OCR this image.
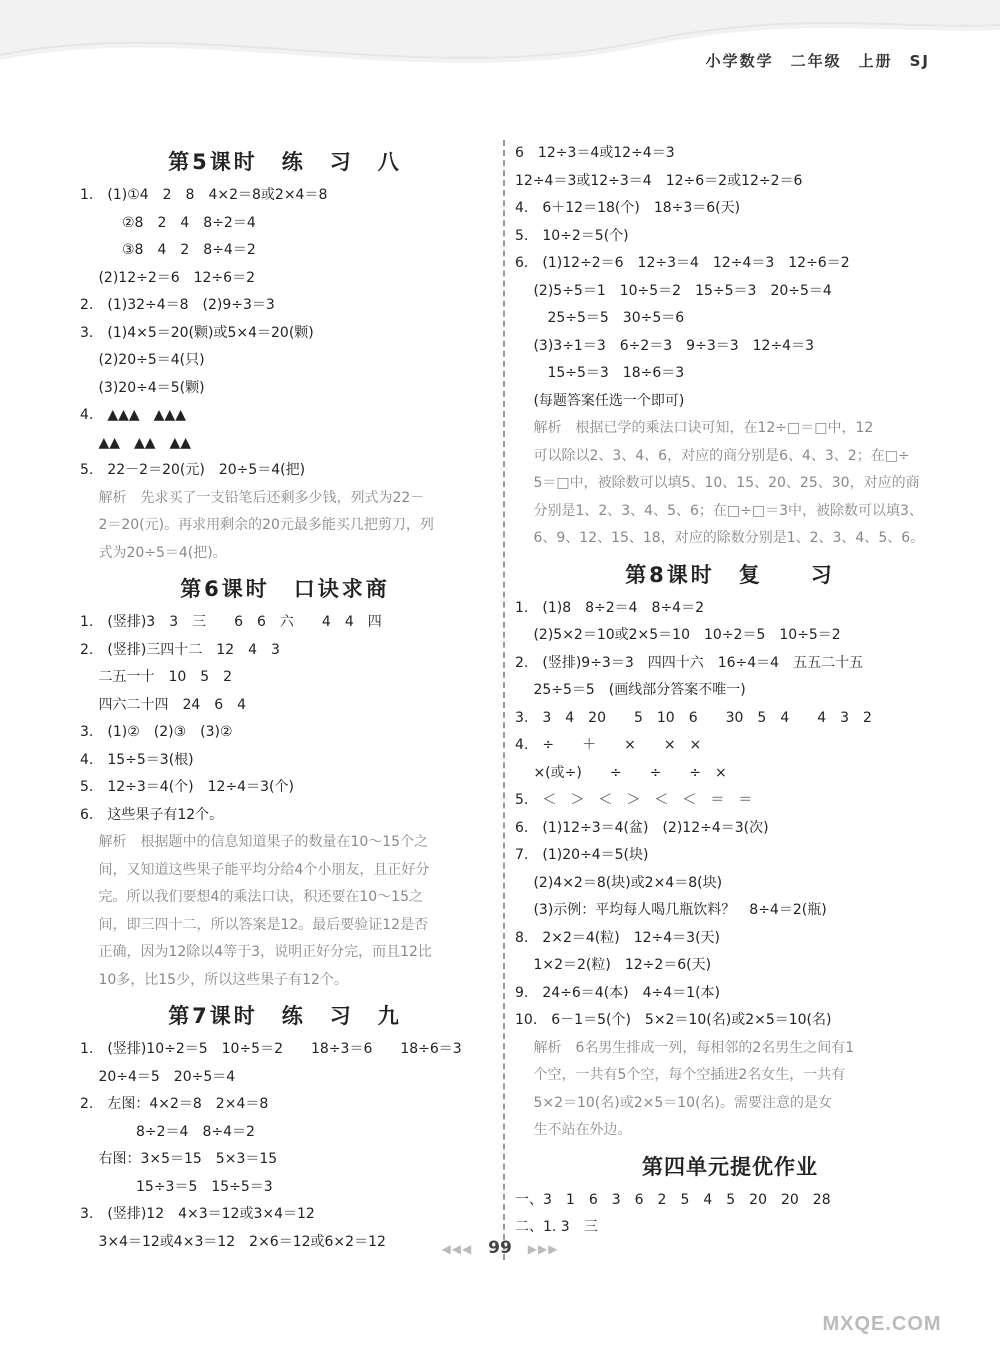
小学数学　二年级　上册　SJ
第5课时　练　习　八
1.　(1)①4　2　8　4×2＝8或2×4＝8
　　　②8　2　4　8÷2＝4
　　　③8　4　2　8÷4＝2
　 (2)12÷2＝6　12÷6＝2
2.　(1)32÷4＝8　(2)9÷3＝3
3.　(1)4×5＝20(颗)或5×4＝20(颗)
　 (2)20÷5＝4(只)
　 (3)20÷4＝5(颗)
4.　▲▲▲　▲▲▲
　 ▲▲　▲▲　▲▲
5.　22－2＝20(元)　20÷5＝4(把)
　 解析　先求买了一支铅笔后还剩多少钱，列式为22－
　 2＝20(元)。再求用剩余的20元最多能买几把剪刀，列
　 式为20÷5＝4(把)。
第6课时　口诀求商
1.　(竖排)3　3　三　　6　6　六　　4　4　四
2.　(竖排)三四十二　12　4　3
　 二五一十　10　5　2
　 四六二十四　24　6　4
3.　(1)②　(2)③　(3)②
4.　15÷5＝3(根)
5.　12÷3＝4(个)　12÷4＝3(个)
6.　这些果子有12个。
　 解析　根据题中的信息知道果子的数量在10～15个之
　 间，又知道这些果子能平均分给4个小朋友，且正好分
　 完。所以我们要想4的乘法口诀，积还要在10～15之
　 间，即三四十二，所以答案是12。最后要验证12是否
　 正确，因为12除以4等于3，说明正好分完，而且12比
　 10多，比15少，所以这些果子有12个。
第7课时　练　习　九
1.　(竖排)10÷2＝5　10÷5＝2　　18÷3＝6　　18÷6＝3
　 20÷4＝5　20÷5＝4
2.　左图：4×2＝8　2×4＝8
　　　　8÷2＝4　8÷4＝2
　 右图：3×5＝15　5×3＝15
　　　　15÷3＝5　15÷5＝3
3.　(竖排)12　4×3＝12或3×4＝12
　 3×4＝12或4×3＝12　2×6＝12或6×2＝12
6　12÷3＝4或12÷4＝3
12÷4＝3或12÷3＝4　12÷6＝2或12÷2＝6
4.　6＋12＝18(个)　18÷3＝6(天)
5.　10÷2＝5(个)
6.　(1)12÷2＝6　12÷3＝4　12÷4＝3　12÷6＝2
　 (2)5÷5＝1　10÷5＝2　15÷5＝3　20÷5＝4
　　 25÷5＝5　30÷5＝6
　 (3)3÷1＝3　6÷2＝3　9÷3＝3　12÷4＝3
　　 15÷5＝3　18÷6＝3
　 (每题答案任选一个即可)
　 解析　根据已学的乘法口诀可知，在12÷□＝□中，12
　 可以除以2、3、4、6，对应的商分别是6、4、3、2；在□÷
　 5＝□中，被除数可以填5、10、15、20、25、30，对应的商
　 分别是1、2、3、4、5、6；在□÷□＝3中，被除数可以填3、
　 6、9、12、15、18，对应的除数分别是1、2、3、4、5、6。
第8课时　复　　习
1.　(1)8　8÷2＝4　8÷4＝2
　 (2)5×2＝10或2×5＝10　10÷2＝5　10÷5＝2
2.　(竖排)9÷3＝3　四四十六　16÷4＝4　五五二十五
　 25÷5＝5　(画线部分答案不唯一)
3.　3　4　20　　5　10　6　　30　5　4　　4　3　2
4.　÷　　＋　　×　　×　×
　 ×(或÷)　　÷　　÷　　÷　×
5.　＜　＞　＜　＞　＜　＜　＝　＝
6.　(1)12÷3＝4(盆)　(2)12÷4＝3(次)
7.　(1)20÷4＝5(块)
　 (2)4×2＝8(块)或2×4＝8(块)
　 (3)示例：平均每人喝几瓶饮料？　8÷4＝2(瓶)
8.　2×2＝4(粒)　12÷4＝3(天)
　 1×2＝2(粒)　12÷2＝6(天)
9.　24÷6＝4(本)　4÷4＝1(本)
10.　6－1＝5(个)　5×2＝10(名)或2×5＝10(名)
　 解析　6名男生排成一列，每相邻的2名男生之间有1
　 个空，一共有5个空，每个空插进2名女生，一共有
　 5×2＝10(名)或2×5＝10(名)。需要注意的是女
　 生不站在外边。
第四单元提优作业
一、3　1　6　3　6　2　5　4　5　20　20　28
二、1. 3　三
◀◀◀ 99 ▶▶▶
MXQE.COM
